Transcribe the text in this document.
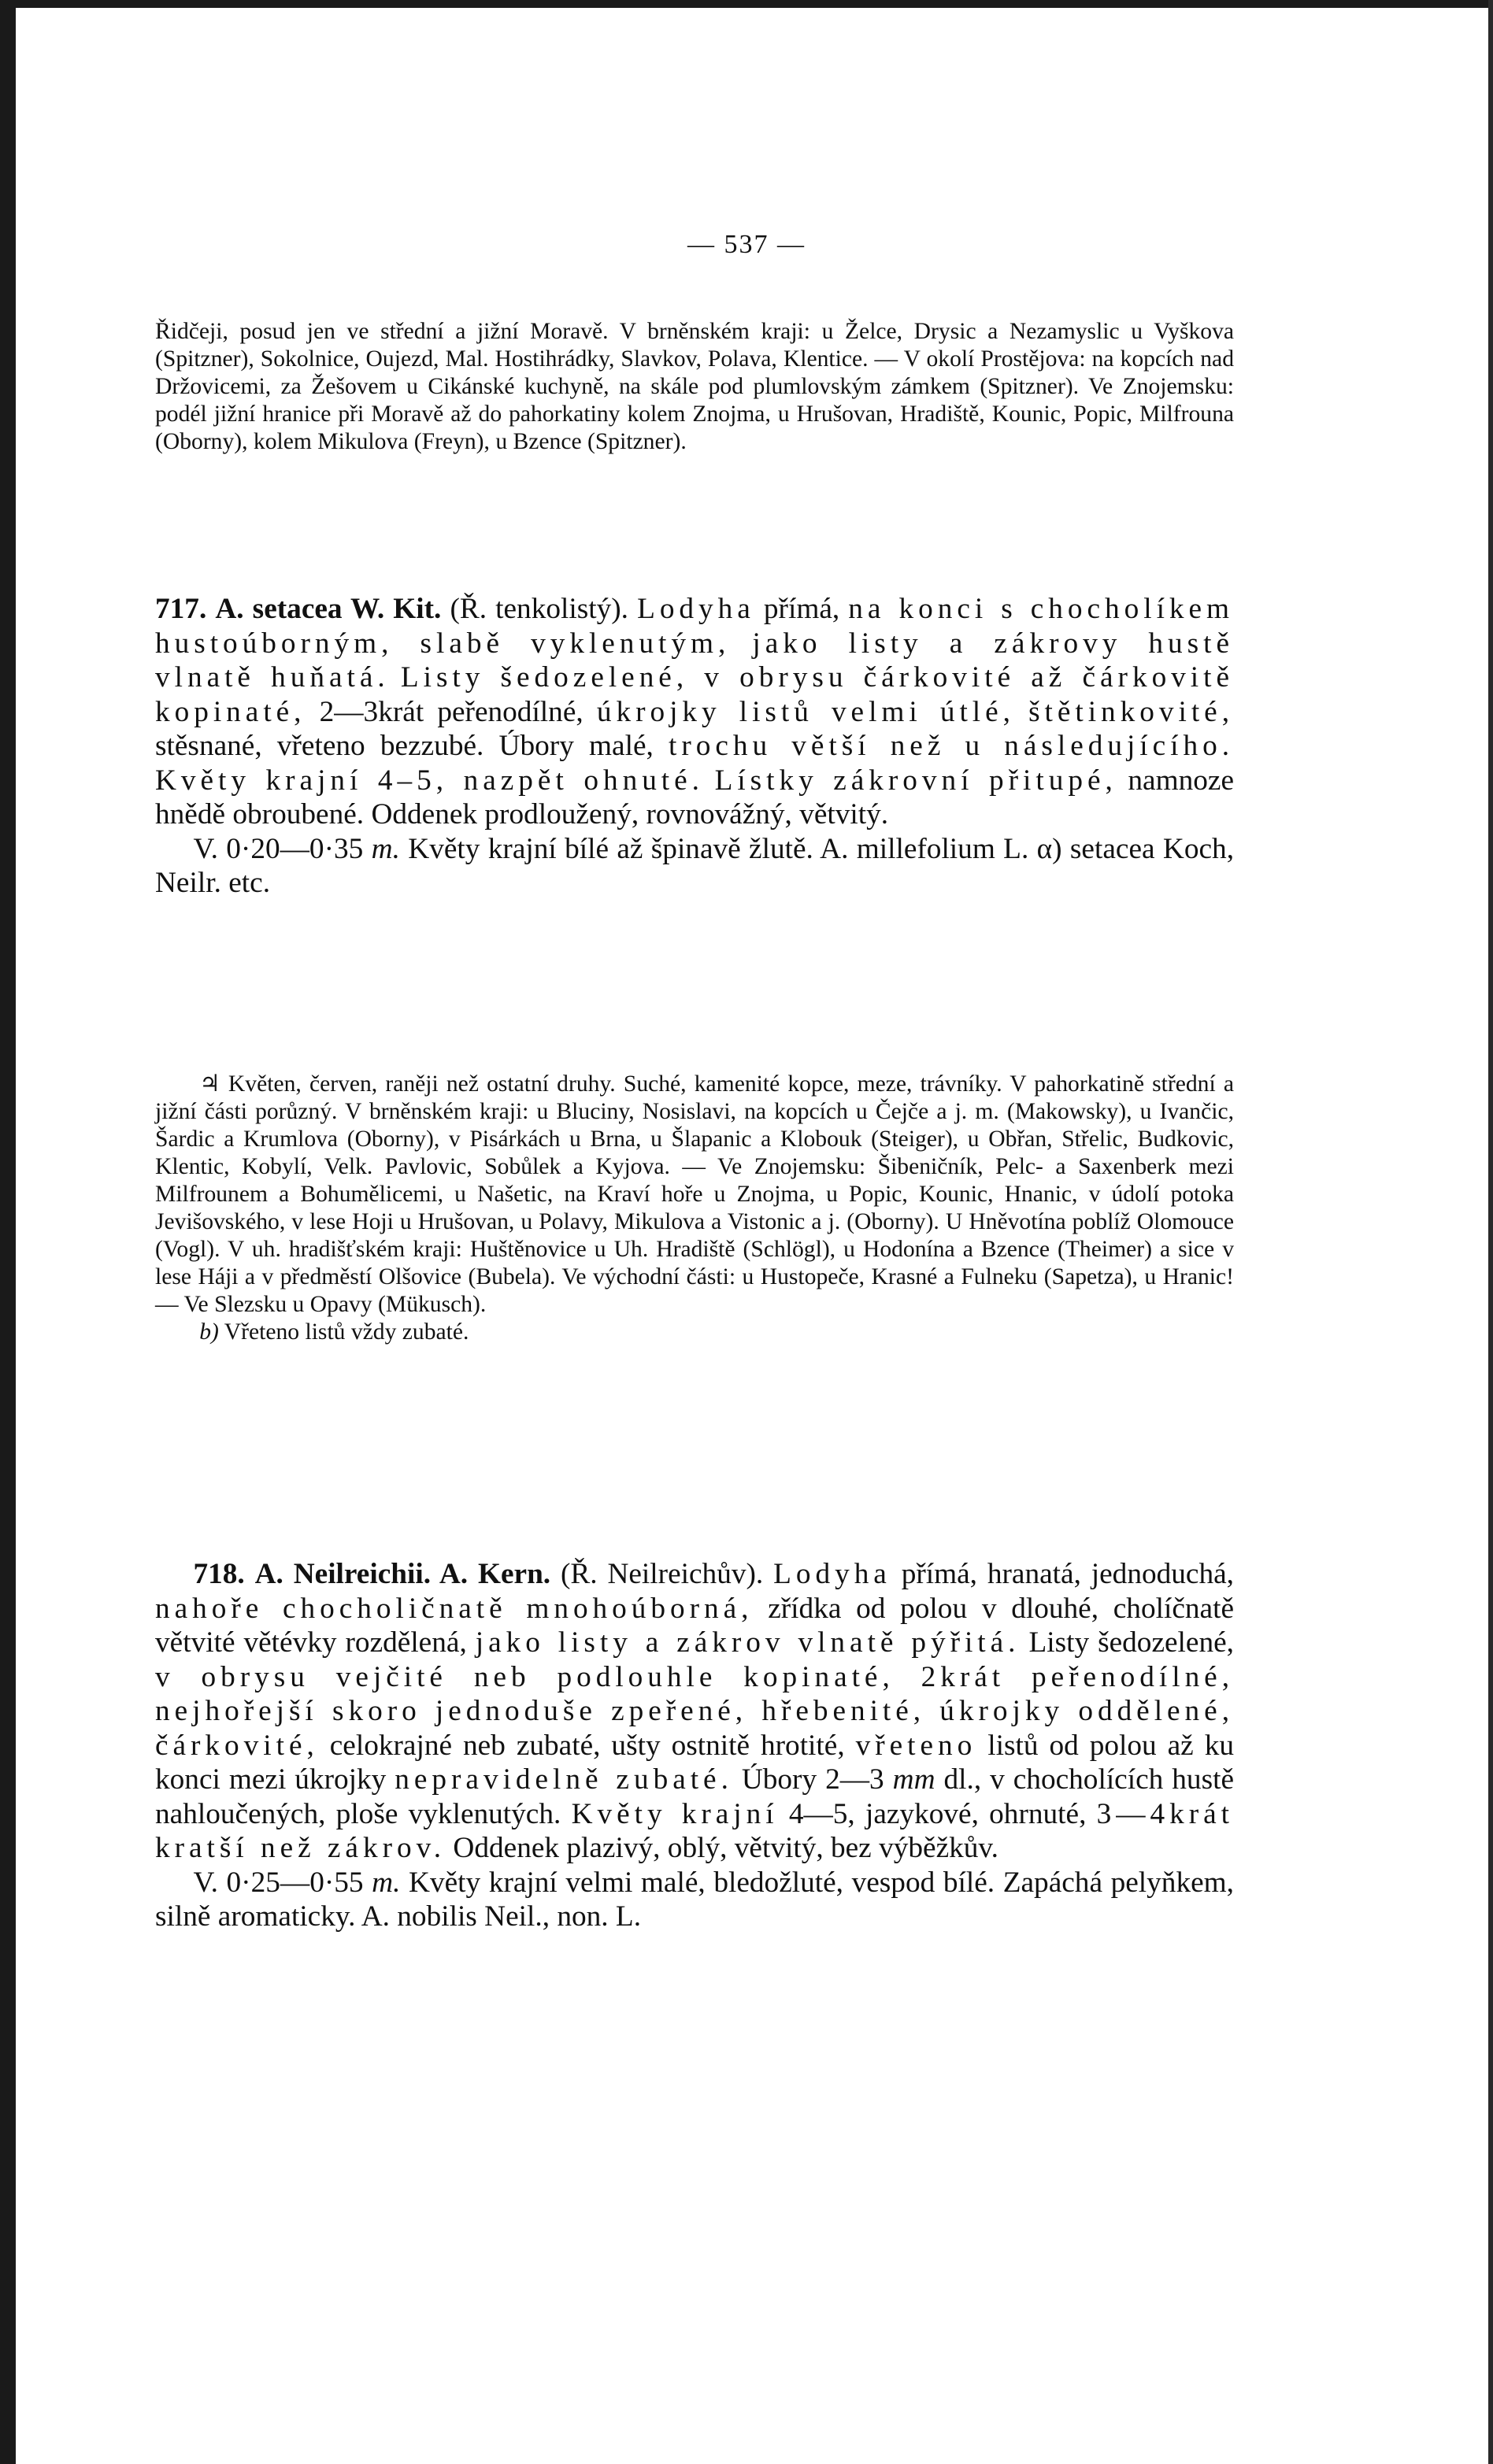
— 537 —

Řidčeji, posud jen ve střední a jižní Moravě. V brněnském kraji: u Želce, Drysic a Nezamyslic u Vyškova (Spitzner), Sokolnice, Oujezd, Mal. Hostihrádky, Slavkov, Polava, Klentice. — V okolí Prostějova: na kopcích nad Držovicemi, za Žešovem u Cikánské kuchyně, na skále pod plumlovským zámkem (Spitzner). Ve Znojemsku: podél jižní hranice při Moravě až do pahorkatiny kolem Znojma, u Hrušovan, Hradiště, Kounic, Popic, Milfrouna (Oborny), kolem Mikulova (Freyn), u Bzence (Spitzner).

717. A. setacea W. Kit. (Ř. tenkolistý). Lodyha přímá, na konci s chocholíkem hustoúborným, slabě vyklenutým, jako listy a zákrovy hustě vlnatě huňatá. Listy šedozelené, v obrysu čárkovité až čárkovitě kopinaté, 2—3krát peřenodílné, úkrojky listů velmi útlé, štětinkovité, stěsnané, vřeteno bezzubé. Úbory malé, trochu větší než u následujícího. Květy krajní 4–5, nazpět ohnuté. Lístky zákrovní přitupé, namnoze hnědě obroubené. Oddenek prodloužený, rovnovážný, větvitý.

V. 0·20—0·35 m. Květy krajní bílé až špinavě žlutě. A. millefolium L. α) setacea Koch, Neilr. etc.

♃ Květen, červen, raněji než ostatní druhy. Suché, kamenité kopce, meze, trávníky. V pahorkatině střední a jižní části porůzný. V brněnském kraji: u Bluciny, Nosislavi, na kopcích u Čejče a j. m. (Makowsky), u Ivančic, Šardic a Krumlova (Oborny), v Pisárkách u Brna, u Šlapanic a Klobouk (Steiger), u Obřan, Střelic, Budkovic, Klentic, Kobylí, Velk. Pavlovic, Sobůlek a Kyjova. — Ve Znojemsku: Šibeničník, Pelc- a Saxenberk mezi Milfrounem a Bohumělicemi, u Našetic, na Kraví hoře u Znojma, u Popic, Kounic, Hnanic, v údolí potoka Jevišovského, v lese Hoji u Hrušovan, u Polavy, Mikulova a Vistonic a j. (Oborny). U Hněvotína poblíž Olomouce (Vogl). V uh. hradišťském kraji: Huštěnovice u Uh. Hradiště (Schlögl), u Hodonína a Bzence (Theimer) a sice v lese Háji a v předměstí Olšovice (Bubela). Ve východní části: u Hustopeče, Krasné a Fulneku (Sapetza), u Hranic! — Ve Slezsku u Opavy (Mükusch).

b) Vřeteno listů vždy zubaté.

718. A. Neilreichii. A. Kern. (Ř. Neilreichův). Lodyha přímá, hranatá, jednoduchá, nahoře chocholičnatě mnohoúborná, zřídka od polou v dlouhé, cholíčnatě větvité větévky rozdělená, jako listy a zákrov vlnatě pýřitá. Listy šedozelené, v obrysu vejčité neb podlouhle kopinaté, 2krát peřenodílné, nejhořejší skoro jednoduše zpeřené, hřebenité, úkrojky oddělené, čárkovité, celokrajné neb zubaté, ušty ostnitě hrotité, vřeteno listů od polou až ku konci mezi úkrojky nepravidelně zubaté. Úbory 2—3 mm dl., v chocholících hustě nahloučených, ploše vyklenutých. Květy krajní 4—5, jazykové, ohrnuté, 3—4krát kratší než zákrov. Oddenek plazivý, oblý, větvitý, bez výběžkův.

V. 0·25—0·55 m. Květy krajní velmi malé, bledožluté, vespod bílé. Zapáchá pelyňkem, silně aromaticky. A. nobilis Neil., non. L.
